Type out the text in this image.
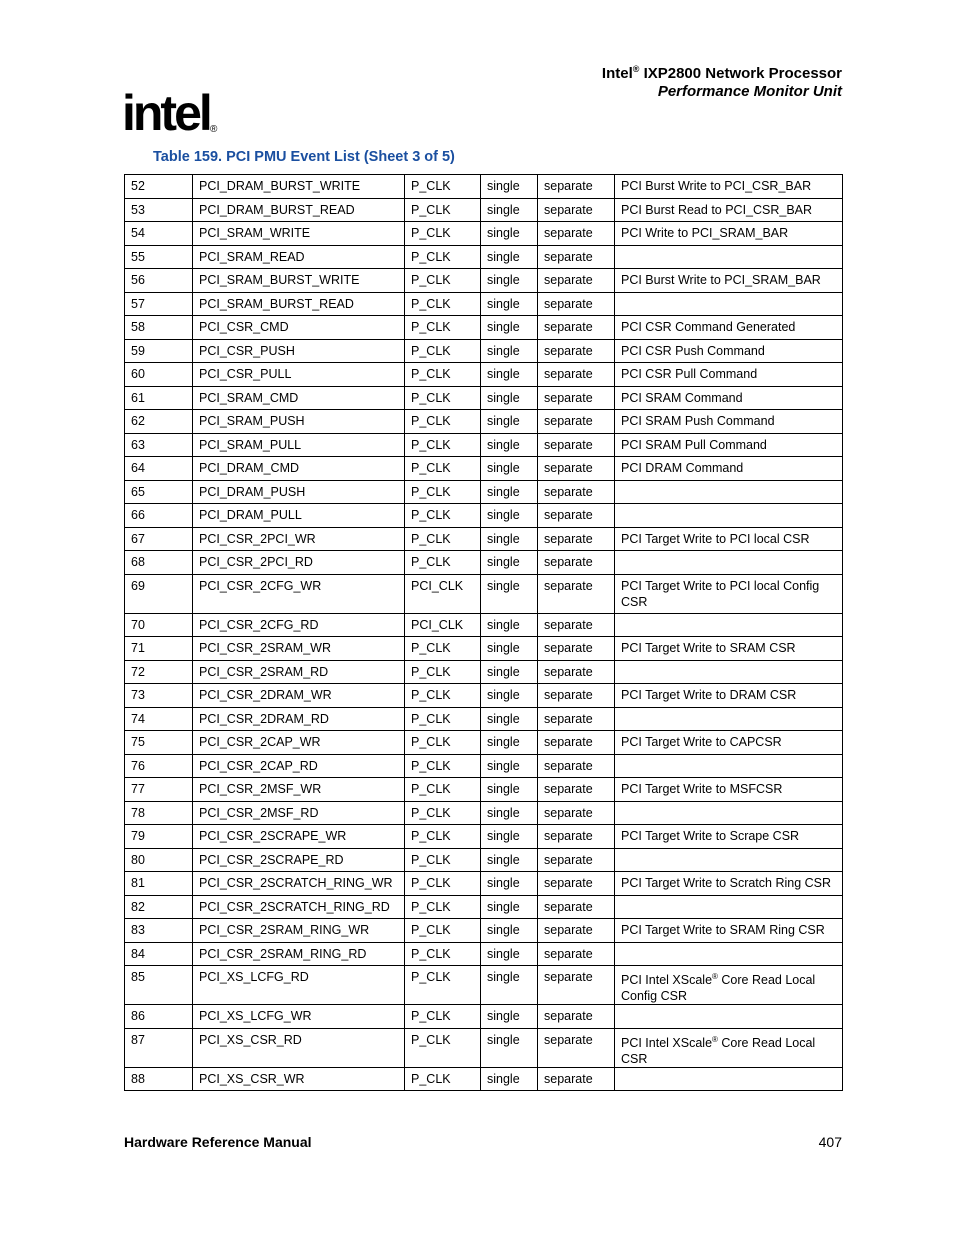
Intel® IXP2800 Network Processor
Performance Monitor Unit
intel ®
Table 159. PCI PMU Event List (Sheet 3 of 5)
52	PCI_DRAM_BURST_WRITE	P_CLK	single	separate	PCI Burst Write to PCI_CSR_BAR
53	PCI_DRAM_BURST_READ	P_CLK	single	separate	PCI Burst Read to PCI_CSR_BAR
54	PCI_SRAM_WRITE	P_CLK	single	separate	PCI Write to PCI_SRAM_BAR
55	PCI_SRAM_READ	P_CLK	single	separate	
56	PCI_SRAM_BURST_WRITE	P_CLK	single	separate	PCI Burst Write to PCI_SRAM_BAR
57	PCI_SRAM_BURST_READ	P_CLK	single	separate	
58	PCI_CSR_CMD	P_CLK	single	separate	PCI CSR Command Generated
59	PCI_CSR_PUSH	P_CLK	single	separate	PCI CSR Push Command
60	PCI_CSR_PULL	P_CLK	single	separate	PCI CSR Pull Command
61	PCI_SRAM_CMD	P_CLK	single	separate	PCI SRAM Command
62	PCI_SRAM_PUSH	P_CLK	single	separate	PCI SRAM Push Command
63	PCI_SRAM_PULL	P_CLK	single	separate	PCI SRAM Pull Command
64	PCI_DRAM_CMD	P_CLK	single	separate	PCI DRAM Command
65	PCI_DRAM_PUSH	P_CLK	single	separate	
66	PCI_DRAM_PULL	P_CLK	single	separate	
67	PCI_CSR_2PCI_WR	P_CLK	single	separate	PCI Target Write to PCI local CSR
68	PCI_CSR_2PCI_RD	P_CLK	single	separate	
69	PCI_CSR_2CFG_WR	PCI_CLK	single	separate	PCI Target Write to PCI local Config CSR
70	PCI_CSR_2CFG_RD	PCI_CLK	single	separate	
71	PCI_CSR_2SRAM_WR	P_CLK	single	separate	PCI Target Write to SRAM CSR
72	PCI_CSR_2SRAM_RD	P_CLK	single	separate	
73	PCI_CSR_2DRAM_WR	P_CLK	single	separate	PCI Target Write to DRAM CSR
74	PCI_CSR_2DRAM_RD	P_CLK	single	separate	
75	PCI_CSR_2CAP_WR	P_CLK	single	separate	PCI Target Write to CAPCSR
76	PCI_CSR_2CAP_RD	P_CLK	single	separate	
77	PCI_CSR_2MSF_WR	P_CLK	single	separate	PCI Target Write to MSFCSR
78	PCI_CSR_2MSF_RD	P_CLK	single	separate	
79	PCI_CSR_2SCRAPE_WR	P_CLK	single	separate	PCI Target Write to Scrape CSR
80	PCI_CSR_2SCRAPE_RD	P_CLK	single	separate	
81	PCI_CSR_2SCRATCH_RING_WR	P_CLK	single	separate	PCI Target Write to Scratch Ring CSR
82	PCI_CSR_2SCRATCH_RING_RD	P_CLK	single	separate	
83	PCI_CSR_2SRAM_RING_WR	P_CLK	single	separate	PCI Target Write to SRAM Ring CSR
84	PCI_CSR_2SRAM_RING_RD	P_CLK	single	separate	
85	PCI_XS_LCFG_RD	P_CLK	single	separate	PCI Intel XScale® Core Read Local Config CSR
86	PCI_XS_LCFG_WR	P_CLK	single	separate	
87	PCI_XS_CSR_RD	P_CLK	single	separate	PCI Intel XScale® Core Read Local CSR
88	PCI_XS_CSR_WR	P_CLK	single	separate	
Hardware Reference Manual	407
